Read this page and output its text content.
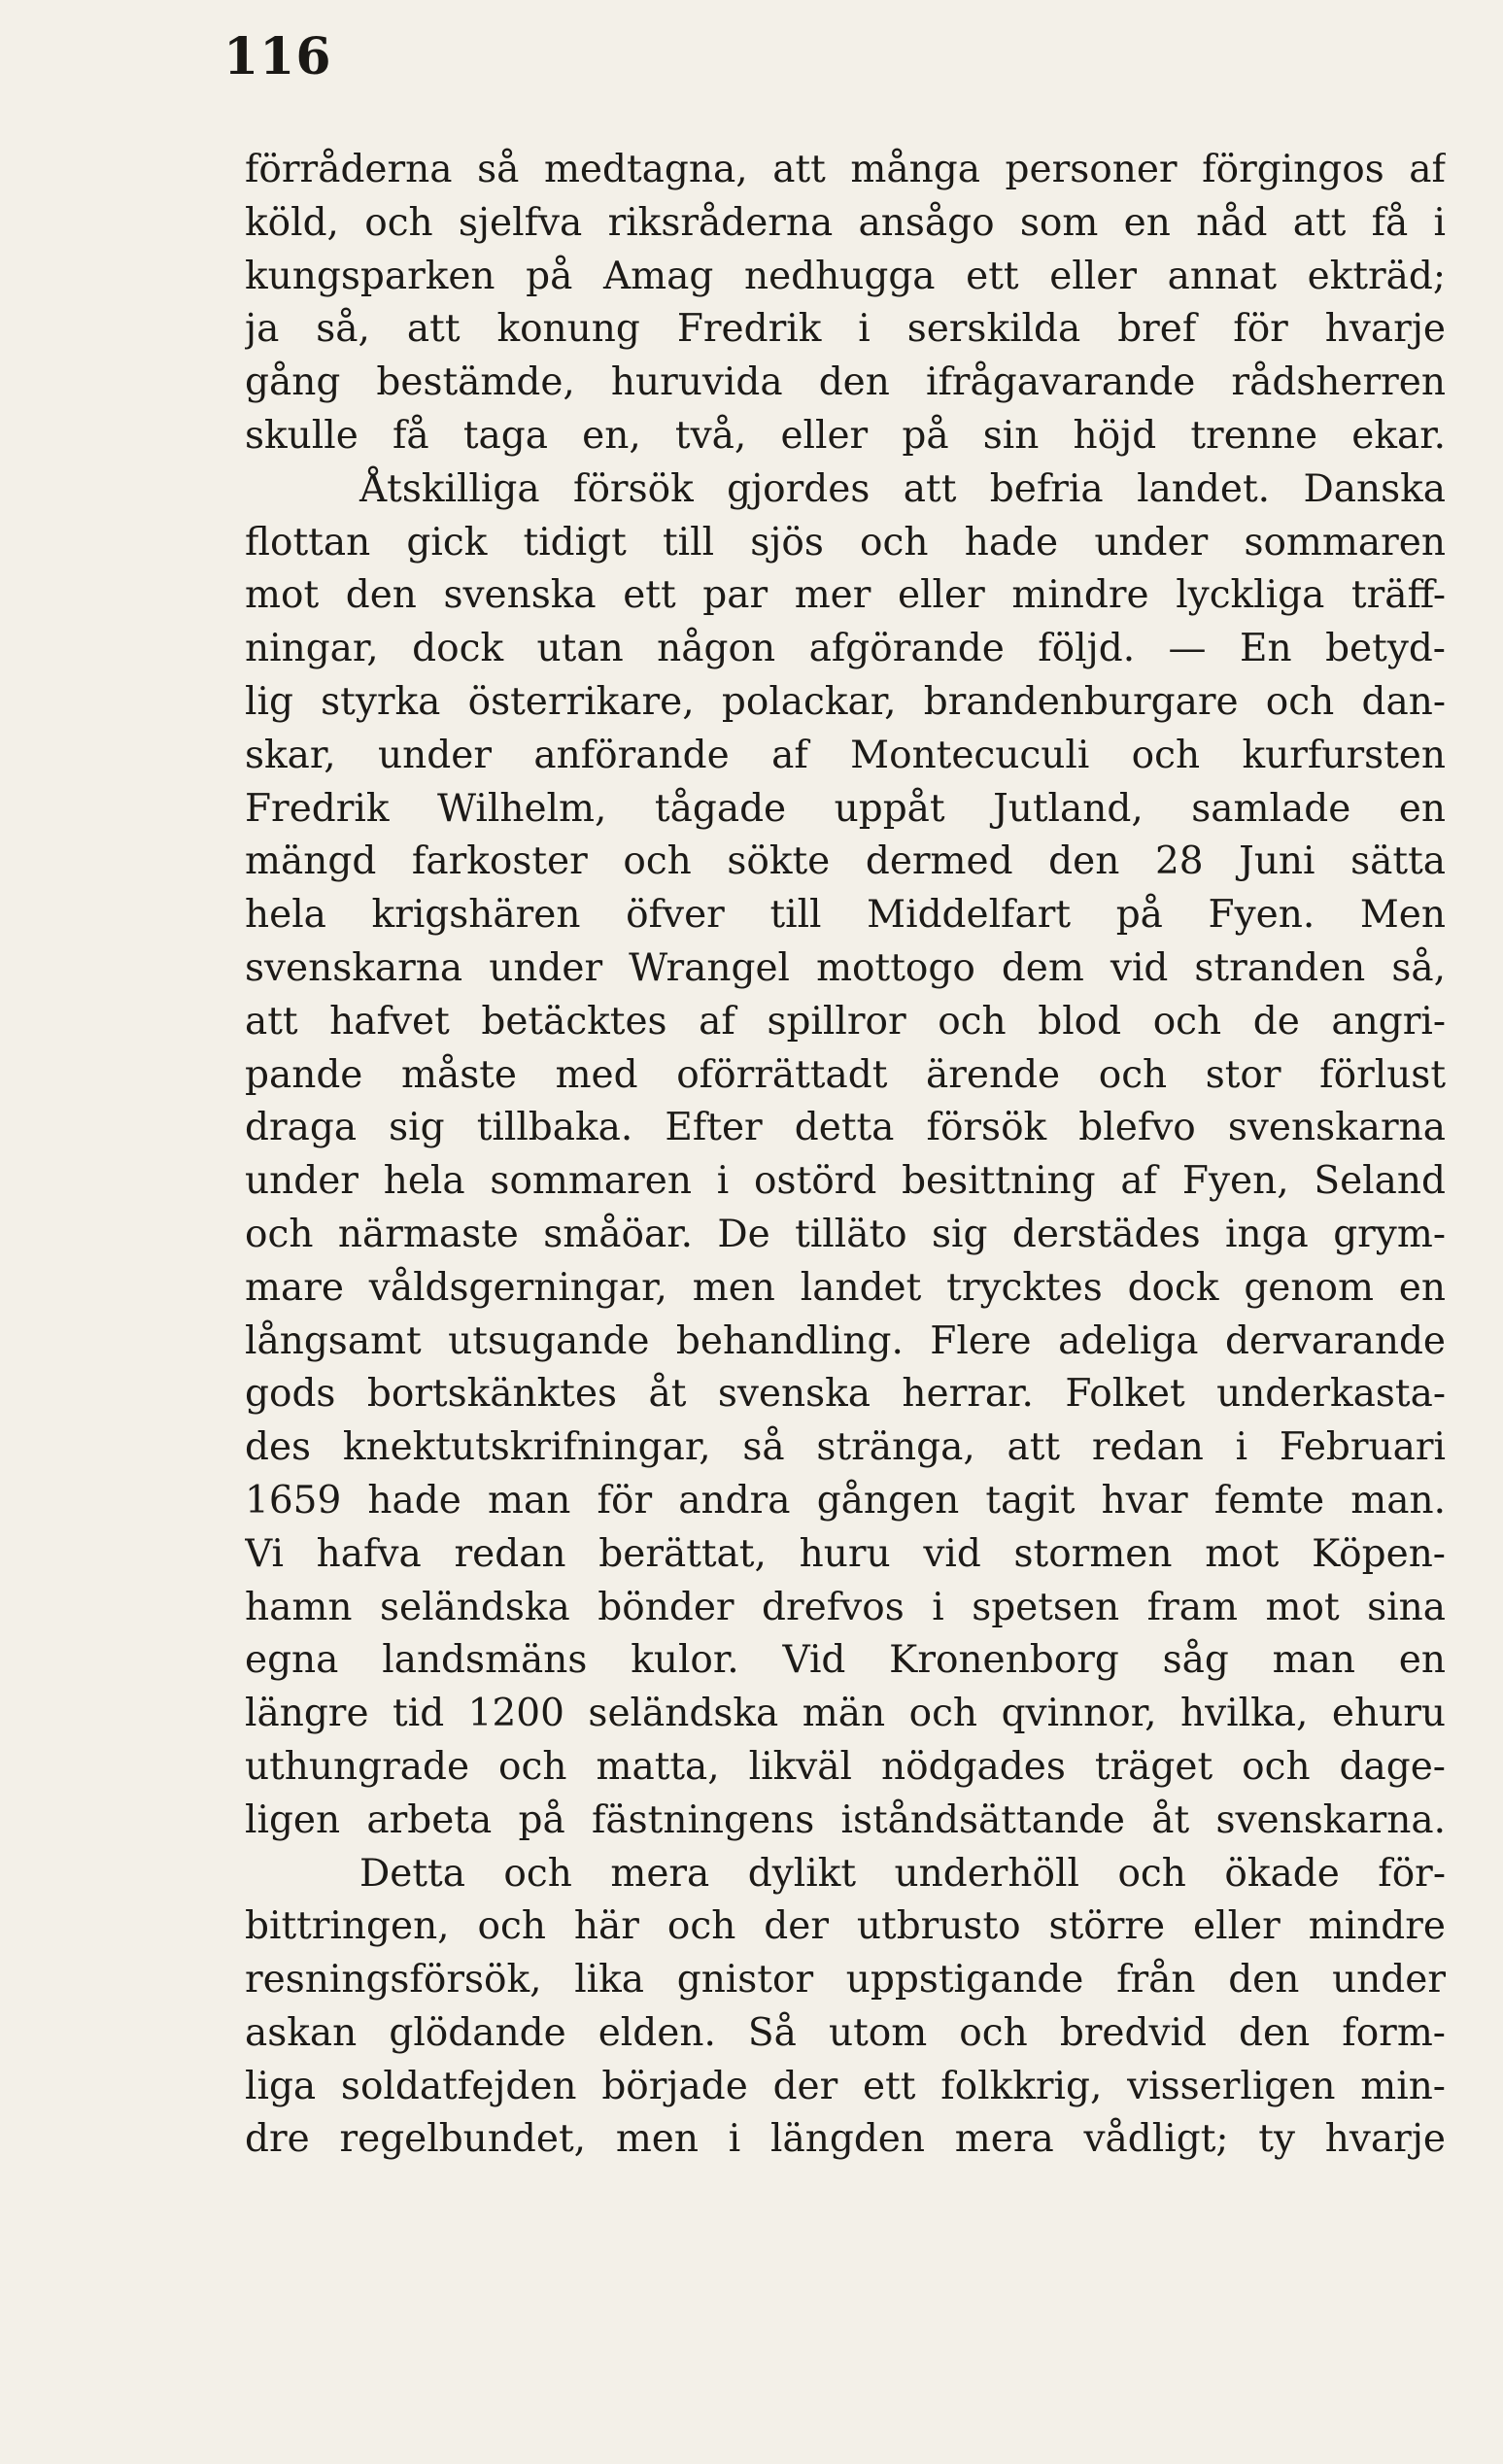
116
förråderna så medtagna, att många personer förgingos af
köld, och sjelfva riksråderna ansågo som en nåd att få i
kungsparken på Amag nedhugga ett eller annat ekträd;
ja så, att konung Fredrik i serskilda bref för hvarje
gång bestämde, huruvida den ifrågavarande rådsherren
skulle få taga en, två, eller på sin höjd trenne ekar.
Åtskilliga försök gjordes att befria landet. Danska
flottan gick tidigt till sjös och hade under sommaren
mot den svenska ett par mer eller mindre lyckliga träff-
ningar, dock utan någon afgörande följd. — En betyd-
lig styrka österrikare, polackar, brandenburgare och dan-
skar, under anförande af Montecuculi och kurfursten
Fredrik Wilhelm, tågade uppåt Jutland, samlade en
mängd farkoster och sökte dermed den 28 Juni sätta
hela krigshären öfver till Middelfart på Fyen. Men
svenskarna under Wrangel mottogo dem vid stranden så,
att hafvet betäcktes af spillror och blod och de angri-
pande måste med oförrättadt ärende och stor förlust
draga sig tillbaka. Efter detta försök blefvo svenskarna
under hela sommaren i ostörd besittning af Fyen, Seland
och närmaste småöar. De tilläto sig derstädes inga grym-
mare våldsgerningar, men landet trycktes dock genom en
långsamt utsugande behandling. Flere adeliga dervarande
gods bortskänktes åt svenska herrar. Folket underkasta-
des knektutskrifningar, så stränga, att redan i Februari
1659 hade man för andra gången tagit hvar femte man.
Vi hafva redan berättat, huru vid stormen mot Köpen-
hamn seländska bönder drefvos i spetsen fram mot sina
egna landsmäns kulor. Vid Kronenborg såg man en
längre tid 1200 seländska män och qvinnor, hvilka, ehuru
uthungrade och matta, likväl nödgades träget och dage-
ligen arbeta på fästningens iståndsättande åt svenskarna.
Detta och mera dylikt underhöll och ökade för-
bittringen, och här och der utbrusto större eller mindre
resningsförsök, lika gnistor uppstigande från den under
askan glödande elden. Så utom och bredvid den form-
liga soldatfejden började der ett folkkrig, visserligen min-
dre regelbundet, men i längden mera vådligt; ty hvarje
